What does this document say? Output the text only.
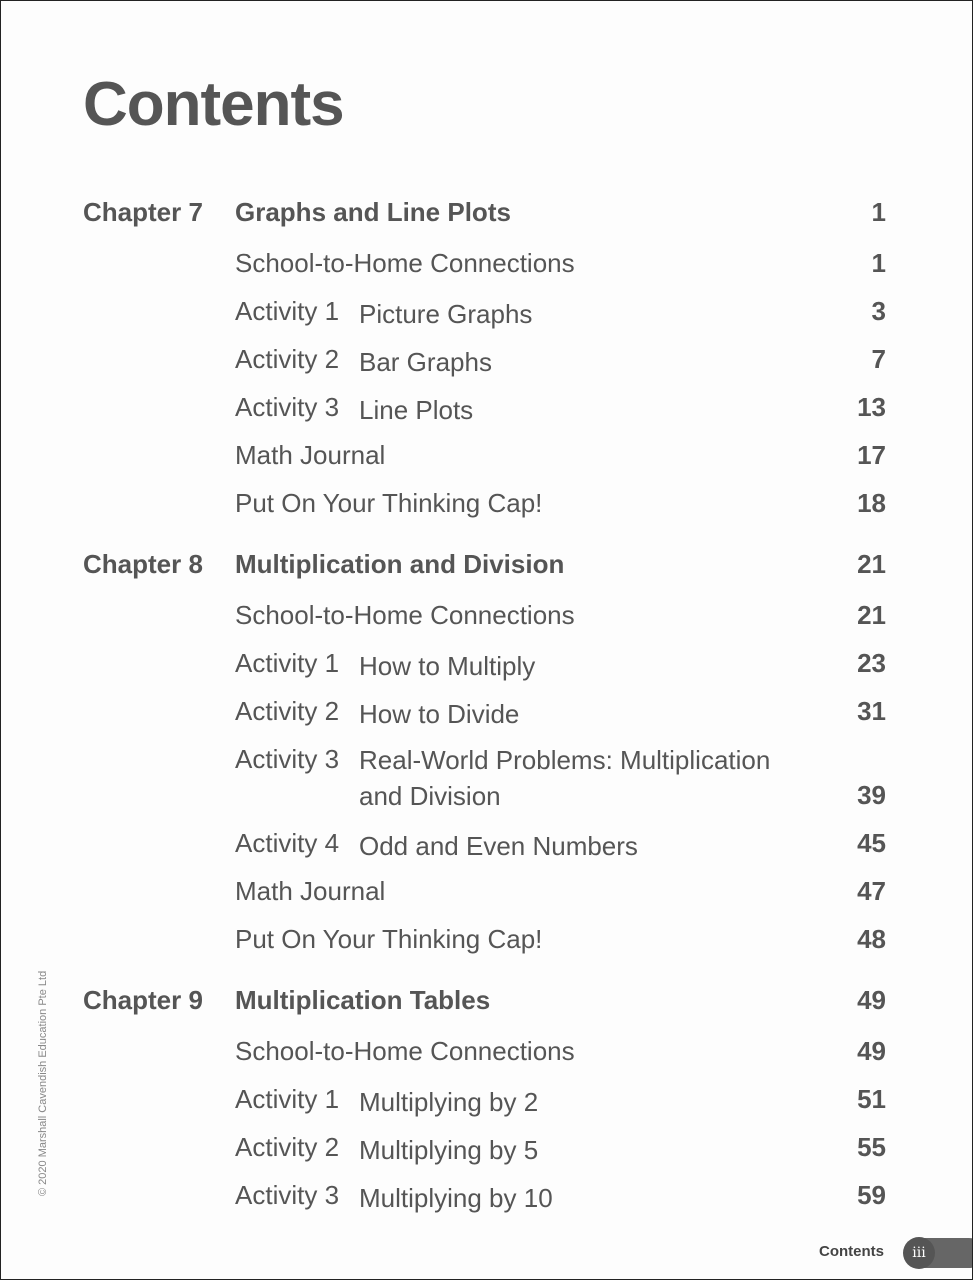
Contents
Chapter 7 Graphs and Line Plots	1
School-to-Home Connections	1
Activity 1 Picture Graphs	3
Activity 2 Bar Graphs	7
Activity 3 Line Plots	13
Math Journal	17
Put On Your Thinking Cap!	18
Chapter 8 Multiplication and Division	21
School-to-Home Connections	21
Activity 1 How to Multiply	23
Activity 2 How to Divide	31
Activity 3 Real-World Problems: Multiplication
and Division	39
Activity 4 Odd and Even Numbers	45
Math Journal	47
Put On Your Thinking Cap!	48
Chapter 9 Multiplication Tables	49
School-to-Home Connections	49
Activity 1 Multiplying by 2	51
Activity 2 Multiplying by 5	55
Activity 3 Multiplying by 10	59
© 2020 Marshall Cavendish Education Pte Ltd
Contents	iii
